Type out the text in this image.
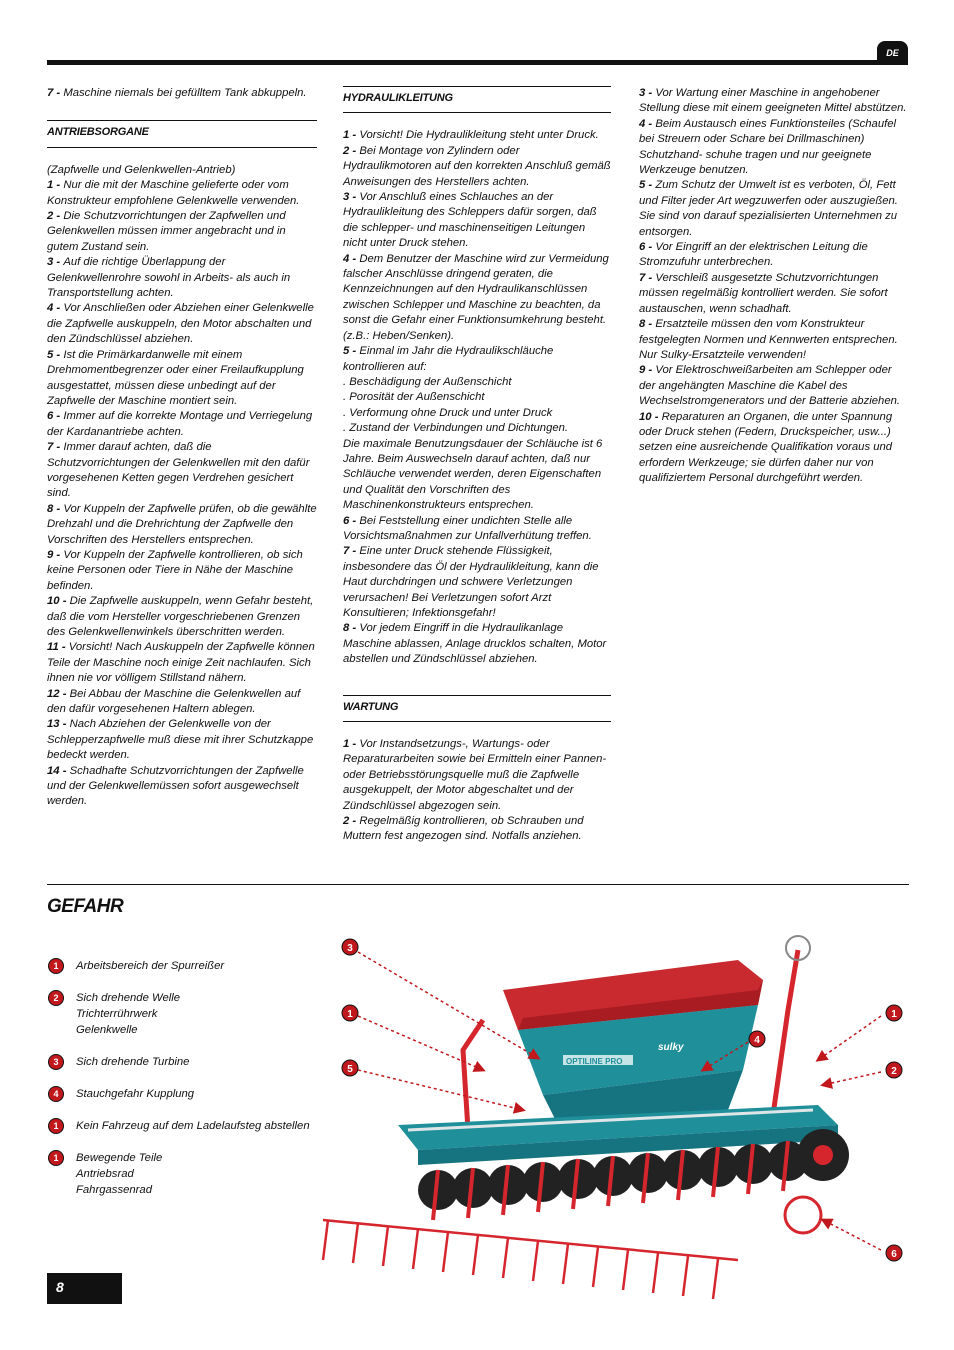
DE

7 - Maschine niemals bei gefülltem Tank abkuppeln.

ANTRIEBSORGANE

(Zapfwelle und Gelenkwellen-Antrieb)

1 - Nur die mit der Maschine gelieferte oder vom Konstrukteur empfohlene Gelenkwelle verwenden.

2 - Die Schutzvorrichtungen der Zapfwellen und Gelenkwellen müssen immer angebracht und in gutem Zustand sein.

3 - Auf die richtige Überlappung der Gelenkwellenrohre sowohl in Arbeits- als auch in Transportstellung achten.

4 - Vor Anschließen oder Abziehen einer Gelenkwelle die Zapfwelle auskuppeln, den Motor abschalten und den Zündschlüssel abziehen.

5 - Ist die Primärkardanwelle mit einem Drehmomentbegrenzer oder einer Freilaufkupplung ausgestattet, müssen diese unbedingt auf der Zapfwelle der Maschine montiert sein.

6 - Immer auf die korrekte Montage und Verriegelung der Kardanantriebe achten.

7 - Immer darauf achten, daß die Schutzvorrichtungen der Gelenkwellen mit den dafür vorgesehenen Ketten gegen Verdrehen gesichert sind.

8 - Vor Kuppeln der Zapfwelle prüfen, ob die gewählte Drehzahl und die Drehrichtung der Zapfwelle den Vorschriften des Herstellers entsprechen.

9 - Vor Kuppeln der Zapfwelle kontrollieren, ob sich keine Personen oder Tiere in Nähe der Maschine befinden.

10 - Die Zapfwelle auskuppeln, wenn Gefahr besteht, daß die vom Hersteller vorgeschriebenen Grenzen des Gelenkwellenwinkels überschritten werden.

11 - Vorsicht! Nach Auskuppeln der Zapfwelle können Teile der Maschine noch einige Zeit nachlaufen. Sich ihnen nie vor völligem Stillstand nähern.

12 - Bei Abbau der Maschine die Gelenkwellen auf den dafür vorgesehenen Haltern ablegen.

13 - Nach Abziehen der Gelenkwelle von der Schlepperzapfwelle muß diese mit ihrer Schutzkappe bedeckt werden.

14 - Schadhafte Schutzvorrichtungen der Zapfwelle und der Gelenkwellemüssen sofort ausgewechselt werden.

HYDRAULIKLEITUNG

1 - Vorsicht! Die Hydraulikleitung steht unter Druck.

2 - Bei Montage von Zylindern oder Hydraulikmotoren auf den korrekten Anschluß gemäß Anweisungen des Herstellers achten.

3 - Vor Anschluß eines Schlauches an der Hydraulikleitung des Schleppers dafür sorgen, daß die schlepper- und maschinenseitigen Leitungen nicht unter Druck stehen.

4 - Dem Benutzer der Maschine wird zur Vermeidung falscher Anschlüsse dringend geraten, die Kennzeichnungen auf den Hydraulikanschlüssen zwischen Schlepper und Maschine zu beachten, da sonst die Gefahr einer Funktionsumkehrung besteht. (z.B.: Heben/Senken).

5 - Einmal im Jahr die Hydraulikschläuche kontrollieren auf:

. Beschädigung der Außenschicht

. Porosität der Außenschicht

. Verformung ohne Druck und unter Druck

. Zustand der Verbindungen und Dichtungen.

Die maximale Benutzungsdauer der Schläuche ist 6 Jahre. Beim Auswechseln darauf achten, daß nur Schläuche verwendet werden, deren Eigenschaften und Qualität den Vorschriften des Maschinenkonstrukteurs entsprechen.

6 - Bei Feststellung einer undichten Stelle alle Vorsichtsmaßnahmen zur Unfallverhütung treffen.

7 - Eine unter Druck stehende Flüssigkeit, insbesondere das Öl der Hydraulikleitung, kann die Haut durchdringen und schwere Verletzungen verursachen! Bei Verletzungen sofort Arzt Konsultieren; Infektionsgefahr!

8 - Vor jedem Eingriff in die Hydraulikanlage Maschine ablassen, Anlage drucklos schalten, Motor abstellen und Zündschlüssel abziehen.

WARTUNG

1 - Vor Instandsetzungs-, Wartungs- oder Reparaturarbeiten sowie bei Ermitteln einer Pannen- oder Betriebsstörungsquelle muß die Zapfwelle ausgekuppelt, der Motor abgeschaltet und der Zündschlüssel abgezogen sein.

2 - Regelmäßig kontrollieren, ob Schrauben und Muttern fest angezogen sind. Notfalls anziehen.

3 - Vor Wartung einer Maschine in angehobener Stellung diese mit einem geeigneten Mittel abstützen.

4 - Beim Austausch eines Funktionsteiles (Schaufel bei Streuern oder Schare bei Drillmaschinen) Schutzhand- schuhe tragen und nur geeignete Werkzeuge benutzen.

5 - Zum Schutz der Umwelt ist es verboten, Öl, Fett und Filter jeder Art wegzuwerfen oder auszugießen. Sie sind von darauf spezialisierten Unternehmen zu entsorgen.

6 - Vor Eingriff an der elektrischen Leitung die Stromzufuhr unterbrechen.

7 - Verschleiß ausgesetzte Schutzvorrichtungen müssen regelmäßig kontrolliert werden. Sie sofort austauschen, wenn schadhaft.

8 - Ersatzteile müssen den vom Konstrukteur festgelegten Normen und Kennwerten entsprechen. Nur Sulky-Ersatzteile verwenden!

9 - Vor Elektroschweißarbeiten am Schlepper oder der angehängten Maschine die Kabel des Wechselstromgenerators und der Batterie abziehen.

10 - Reparaturen an Organen, die unter Spannung oder Druck stehen (Federn, Druckspeicher, usw...) setzen eine ausreichende Qualifikation voraus und erfordern Werkzeuge; sie dürfen daher nur von qualifiziertem Personal durchgeführt werden.

GEFAHR
1	Arbeitsbereich der Spurreißer
2	Sich drehende Welle
Trichterrührwerk
Gelenkwelle
3	Sich drehende Turbine
4	Stauchgefahr Kupplung
1	Kein Fahrzeug auf dem Ladelaufsteg abstellen
1	Bewegende Teile
Antriebsrad
Fahrgassenrad
OPTILINE PRO
sulky
3
1
5
4
1
2
6
8
